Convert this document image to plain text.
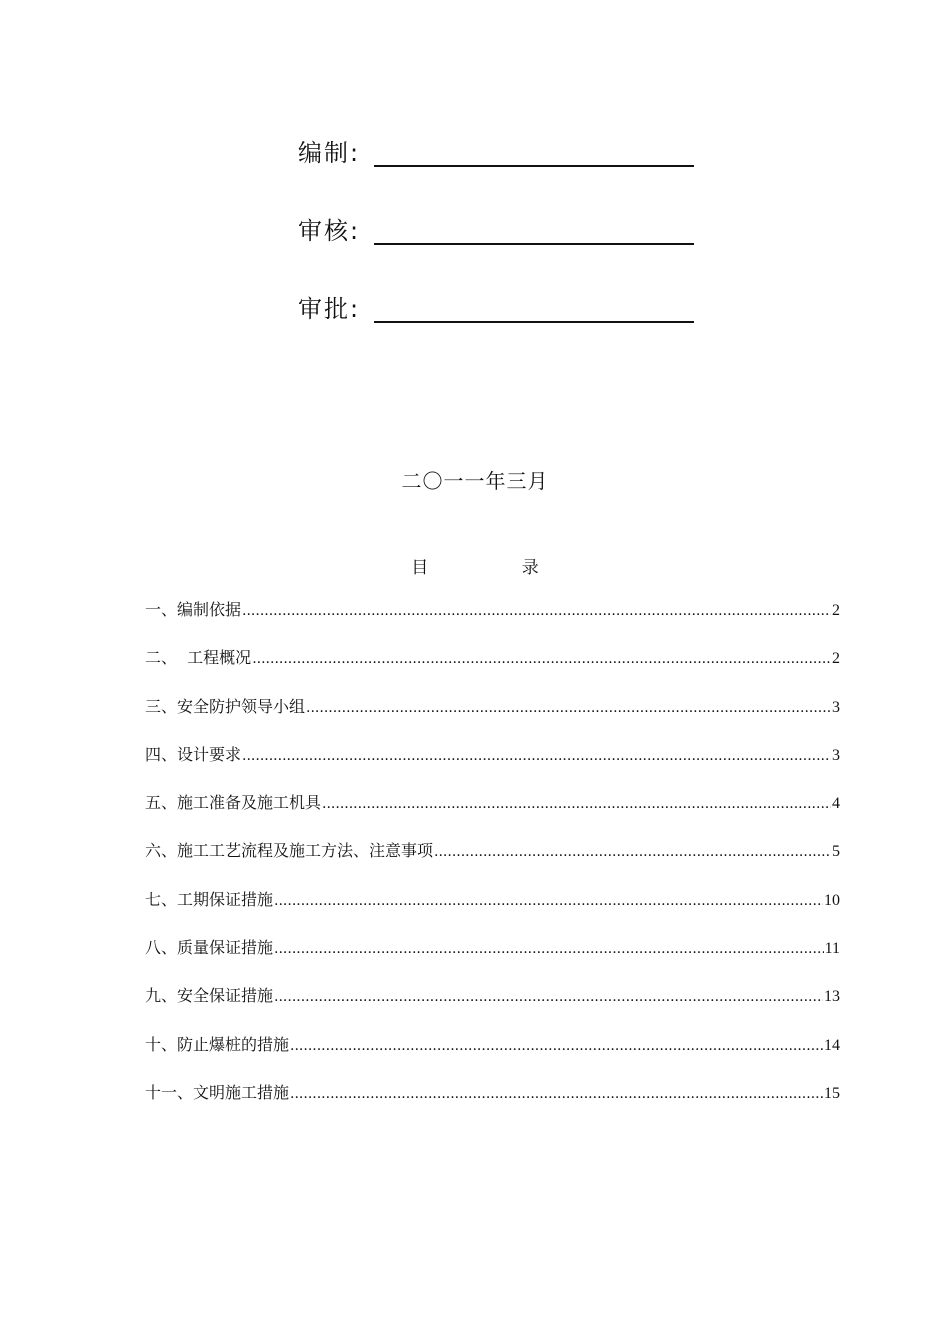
编制:
审核:
审批:
二〇一一年三月
目	录
一、编制依据 .....	2
二、  工程概况 .....	2
三、安全防护领导小组 .....	3
四、设计要求 .....	3
五、施工准备及施工机具 .....	4
六、施工工艺流程及施工方法、注意事项 .....	5
七、工期保证措施 .....	10
八、质量保证措施 .....	11
九、安全保证措施 .....	13
十、防止爆桩的措施 .....	14
十一、文明施工措施 .....	15
